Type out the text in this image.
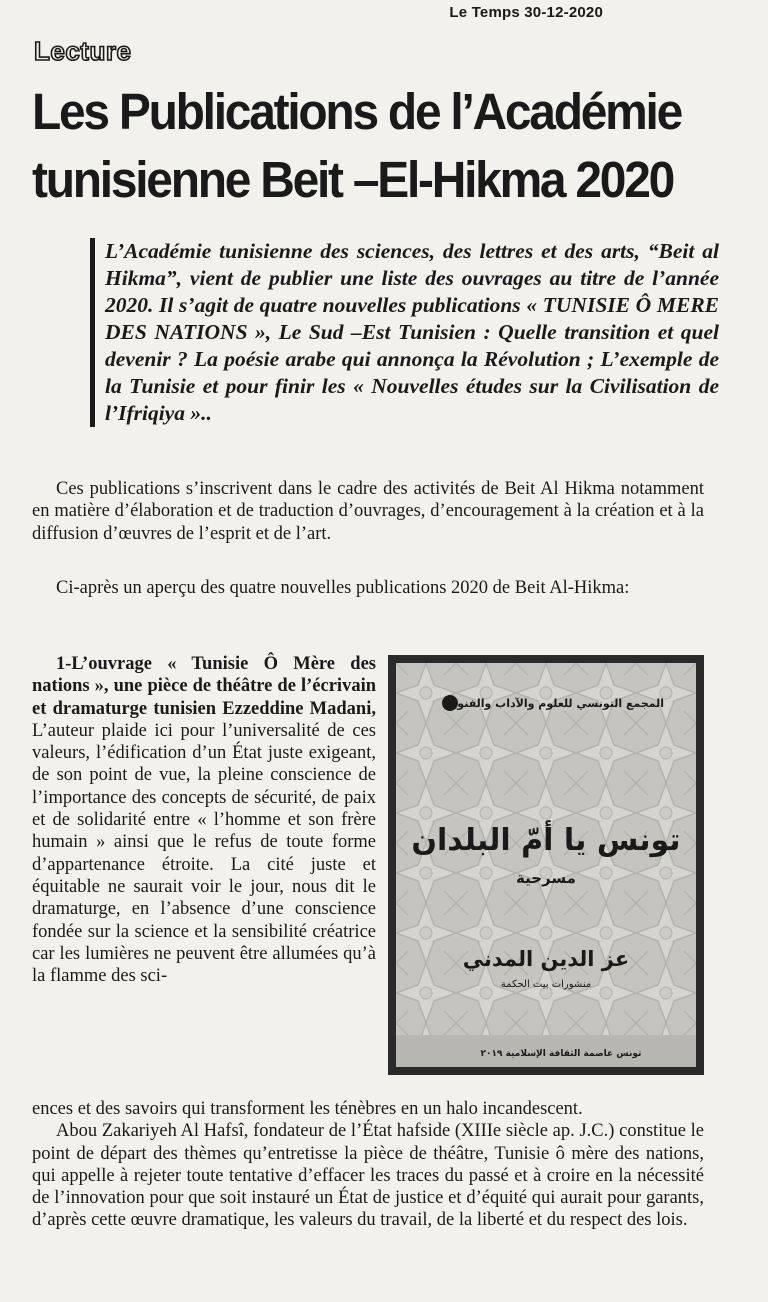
Le Temps 30-12-2020
Lecture
Les Publications de l’Académie tunisienne Beit –El-Hikma 2020

L’Académie tunisienne des sciences, des lettres et des arts, “Beit al Hikma”, vient de publier une liste des ouvrages au titre de l’année 2020. Il s’agit de quatre nouvelles publications « TUNISIE Ô MERE DES NATIONS », Le Sud –Est Tunisien : Quelle transition et quel devenir ? La poésie arabe qui annonça la Révolution ; L’exemple de la Tunisie et pour finir les « Nouvelles études sur la Civilisation de l’Ifriqiya »..

Ces publications s’inscrivent dans le cadre des activités de Beit Al Hikma notamment en matière d’élaboration et de traduction d’ouvrages, d’encouragement à la création et à la diffusion d’œuvres de l’esprit et de l’art.

Ci-après un aperçu des quatre nouvelles publications 2020 de Beit Al-Hikma:

1-L’ouvrage « Tunisie Ô Mère des nations », une pièce de théâtre de l’écrivain et dramaturge tunisien Ezzeddine Madani, L’auteur plaide ici pour l’universalité de ces valeurs, l’édification d’un État juste exigeant, de son point de vue, la pleine conscience de l’importance des concepts de sécurité, de paix et de solidarité entre « l’homme et son frère humain » ainsi que le refus de toute forme d’appartenance étroite. La cité juste et équitable ne saurait voir le jour, nous dit le dramaturge, en l’absence d’une conscience fondée sur la science et la sensibilité créatrice car les lumières ne peuvent être allumées qu’à la flamme des sci-

المجمع التونسي للعلوم والآداب والفنون
تونس يا أمّ البلدان
مسرحية
عز الدين المدني
منشورات بيت الحكمة
تونس عاصمة الثقافة الإسلامية ٢٠١٩

ences et des savoirs qui transforment les ténèbres en un halo incandescent.

Abou Zakariyeh Al Hafsî, fondateur de l’État hafside (XIIIe siècle ap. J.C.) constitue le point de départ des thèmes qu’entretisse la pièce de théâtre, Tunisie ô mère des nations, qui appelle à rejeter toute tentative d’effacer les traces du passé et à croire en la nécessité de l’innovation pour que soit instauré un État de justice et d’équité qui aurait pour garants, d’après cette œuvre dramatique, les valeurs du travail, de la liberté et du respect des lois.
